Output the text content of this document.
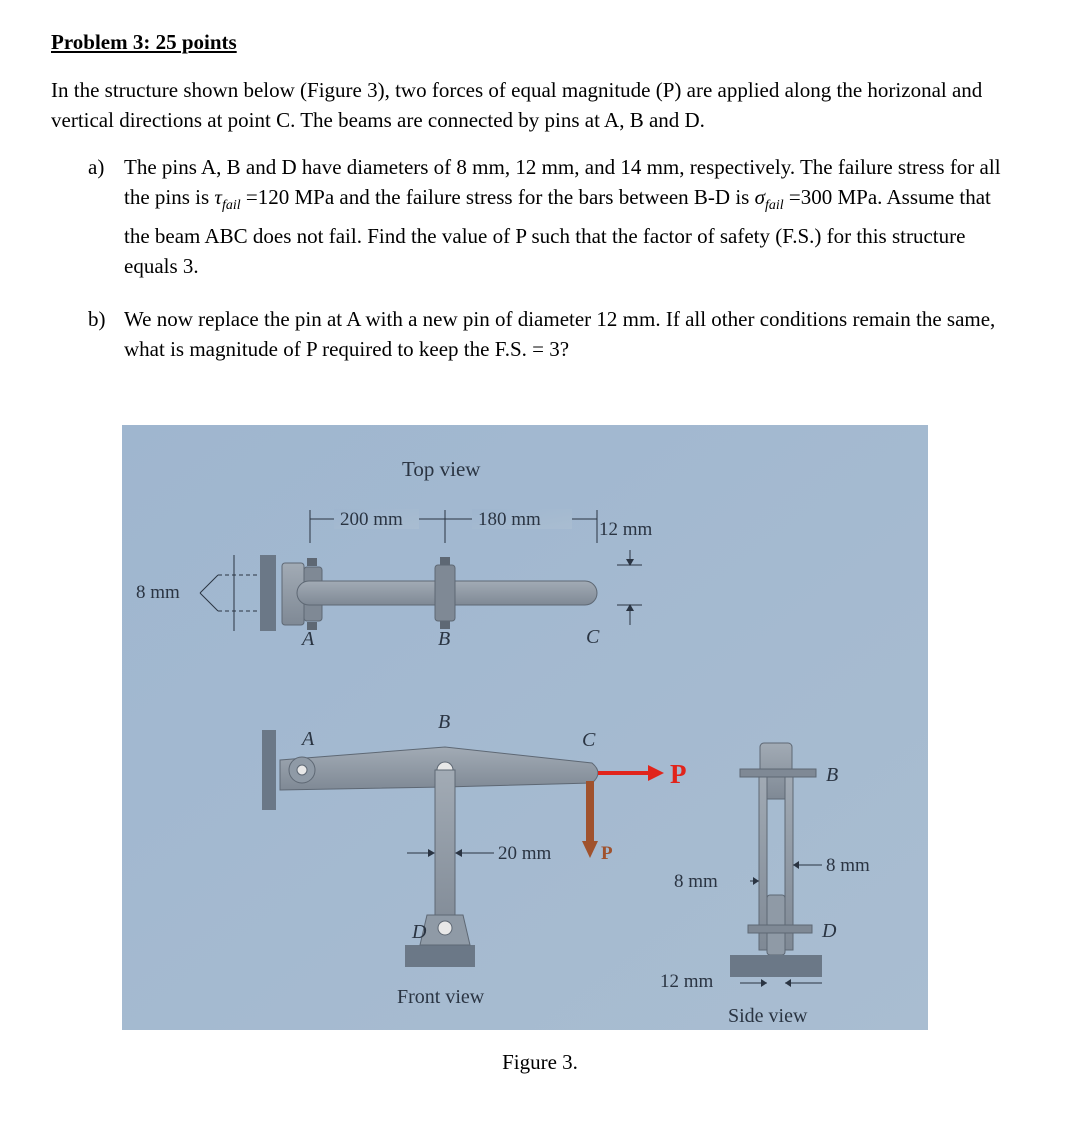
Problem 3: 25 points
In the structure shown below (Figure 3), two forces of equal magnitude (P) are applied along the horizonal and vertical directions at point C. The beams are connected by pins at A, B and D.
a) The pins A, B and D have diameters of 8 mm, 12 mm, and 14 mm, respectively. The failure stress for all the pins is $\tau_{fail} =120$ MPa and the failure stress for the bars between B-D is $\sigma_{fail} =300$ MPa. Assume that the beam ABC does not fail. Find the value of P such that the factor of safety (F.S.) for this structure equals 3.
b) We now replace the pin at A with a new pin of diameter 12 mm. If all other conditions remain the same, what is magnitude of P required to keep the F.S. = 3?
Top view
200 mm	180 mm	12 mm
8 mm
A	B	C
A
B
C
D
20 mm
P
P
Front view
B
D
8 mm
8 mm
12 mm
Side view
Figure 3.
